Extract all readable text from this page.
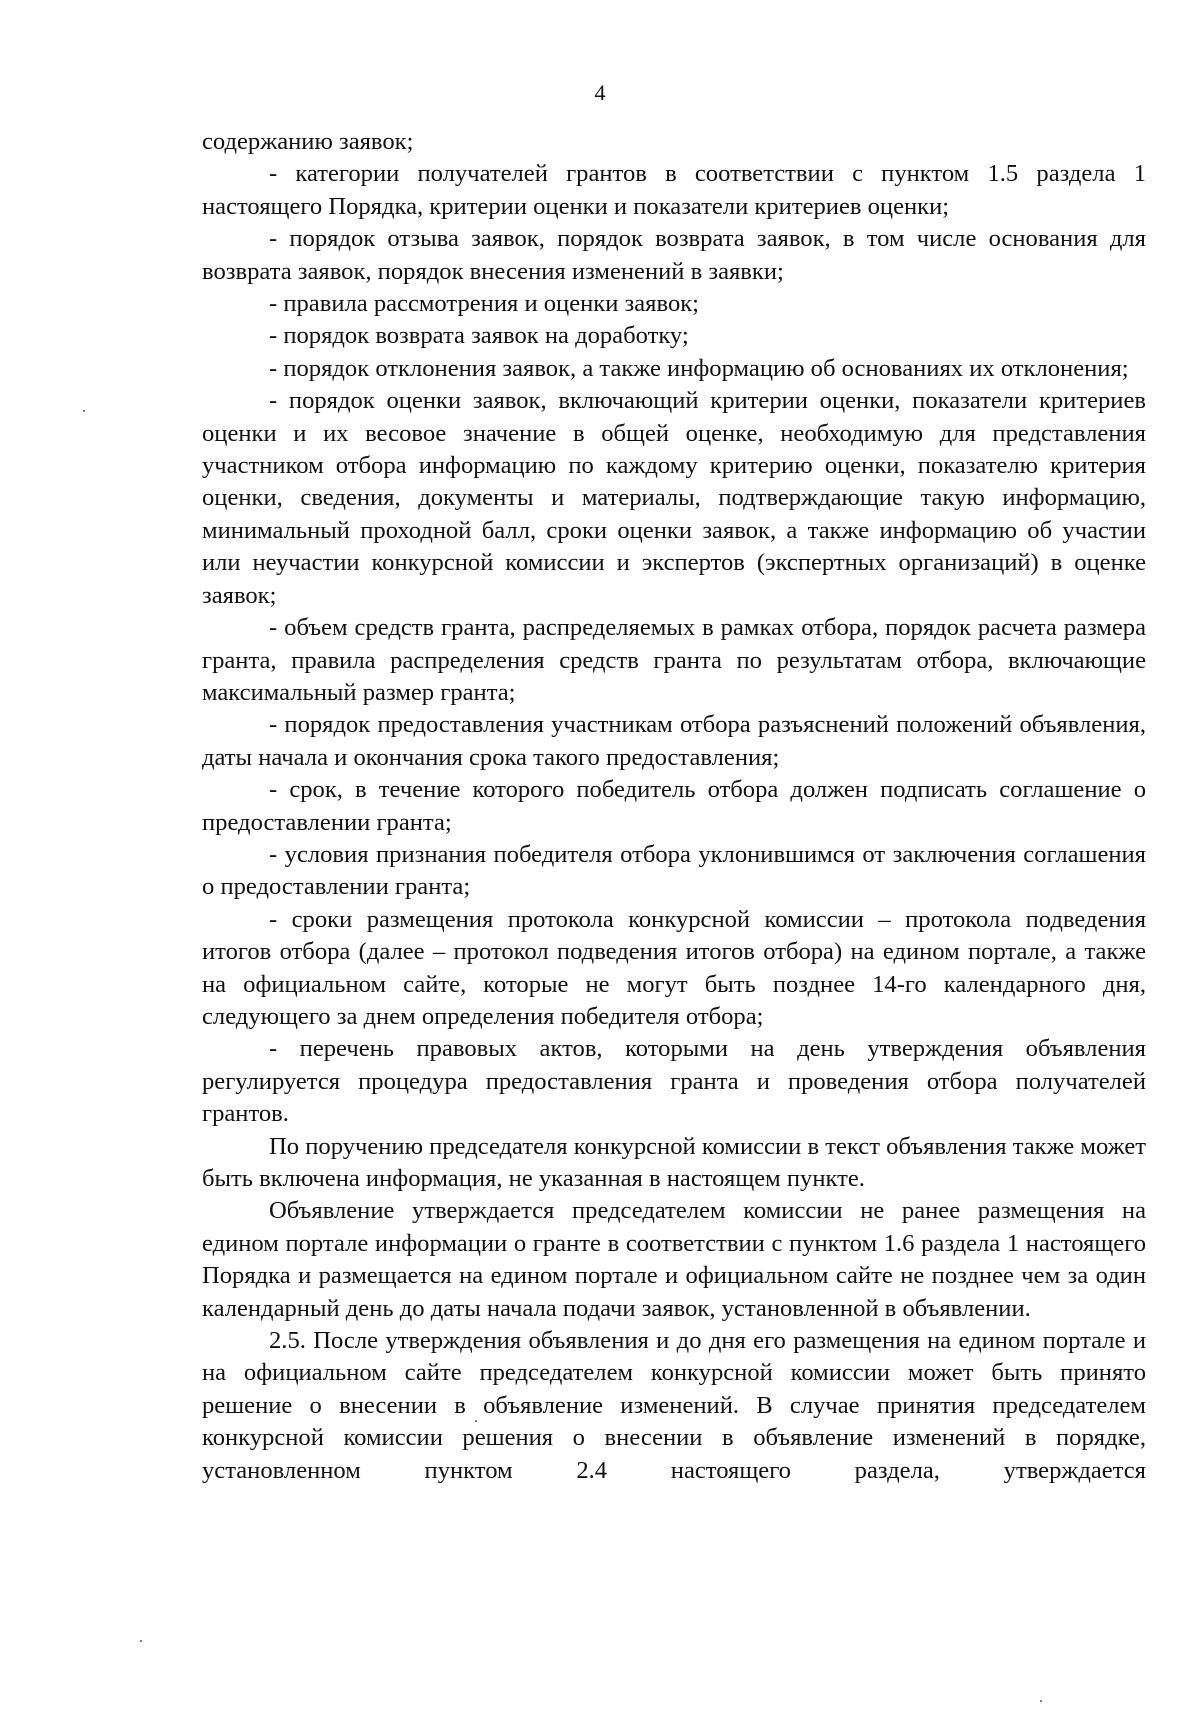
4

содержанию заявок;

- категории получателей грантов в соответствии с пунктом 1.5 раздела 1 настоящего Порядка, критерии оценки и показатели критериев оценки;

- порядок отзыва заявок, порядок возврата заявок, в том числе основания для возврата заявок, порядок внесения изменений в заявки;

- правила рассмотрения и оценки заявок;

- порядок возврата заявок на доработку;

- порядок отклонения заявок, а также информацию об основаниях их отклонения;

- порядок оценки заявок, включающий критерии оценки, показатели критериев оценки и их весовое значение в общей оценке, необходимую для представления участником отбора информацию по каждому критерию оценки, показателю критерия оценки, сведения, документы и материалы, подтверждающие такую информацию, минимальный проходной балл, сроки оценки заявок, а также информацию об участии или неучастии конкурсной комиссии и экспертов (экспертных организаций) в оценке заявок;

- объем средств гранта, распределяемых в рамках отбора, порядок расчета размера гранта, правила распределения средств гранта по результатам отбора, включающие максимальный размер гранта;

- порядок предоставления участникам отбора разъяснений положений объявления, даты начала и окончания срока такого предоставления;

- срок, в течение которого победитель отбора должен подписать соглашение о предоставлении гранта;

- условия признания победителя отбора уклонившимся от заключения соглашения о предоставлении гранта;

- сроки размещения протокола конкурсной комиссии – протокола подведения итогов отбора (далее – протокол подведения итогов отбора) на едином портале, а также на официальном сайте, которые не могут быть позднее 14-го календарного дня, следующего за днем определения победителя отбора;

- перечень правовых актов, которыми на день утверждения объявления регулируется процедура предоставления гранта и проведения отбора получателей грантов.

По поручению председателя конкурсной комиссии в текст объявления также может быть включена информация, не указанная в настоящем пункте.

Объявление утверждается председателем комиссии не ранее размещения на едином портале информации о гранте в соответствии с пунктом 1.6 раздела 1 настоящего Порядка и размещается на едином портале и официальном сайте не позднее чем за один календарный день до даты начала подачи заявок, установленной в объявлении.

2.5. После утверждения объявления и до дня его размещения на едином портале и на официальном сайте председателем конкурсной комиссии может быть принято решение о внесении в объявление изменений. В случае принятия председателем конкурсной комиссии решения о внесении в объявление изменений в порядке, установленном пунктом 2.4 настоящего раздела, утверждается
